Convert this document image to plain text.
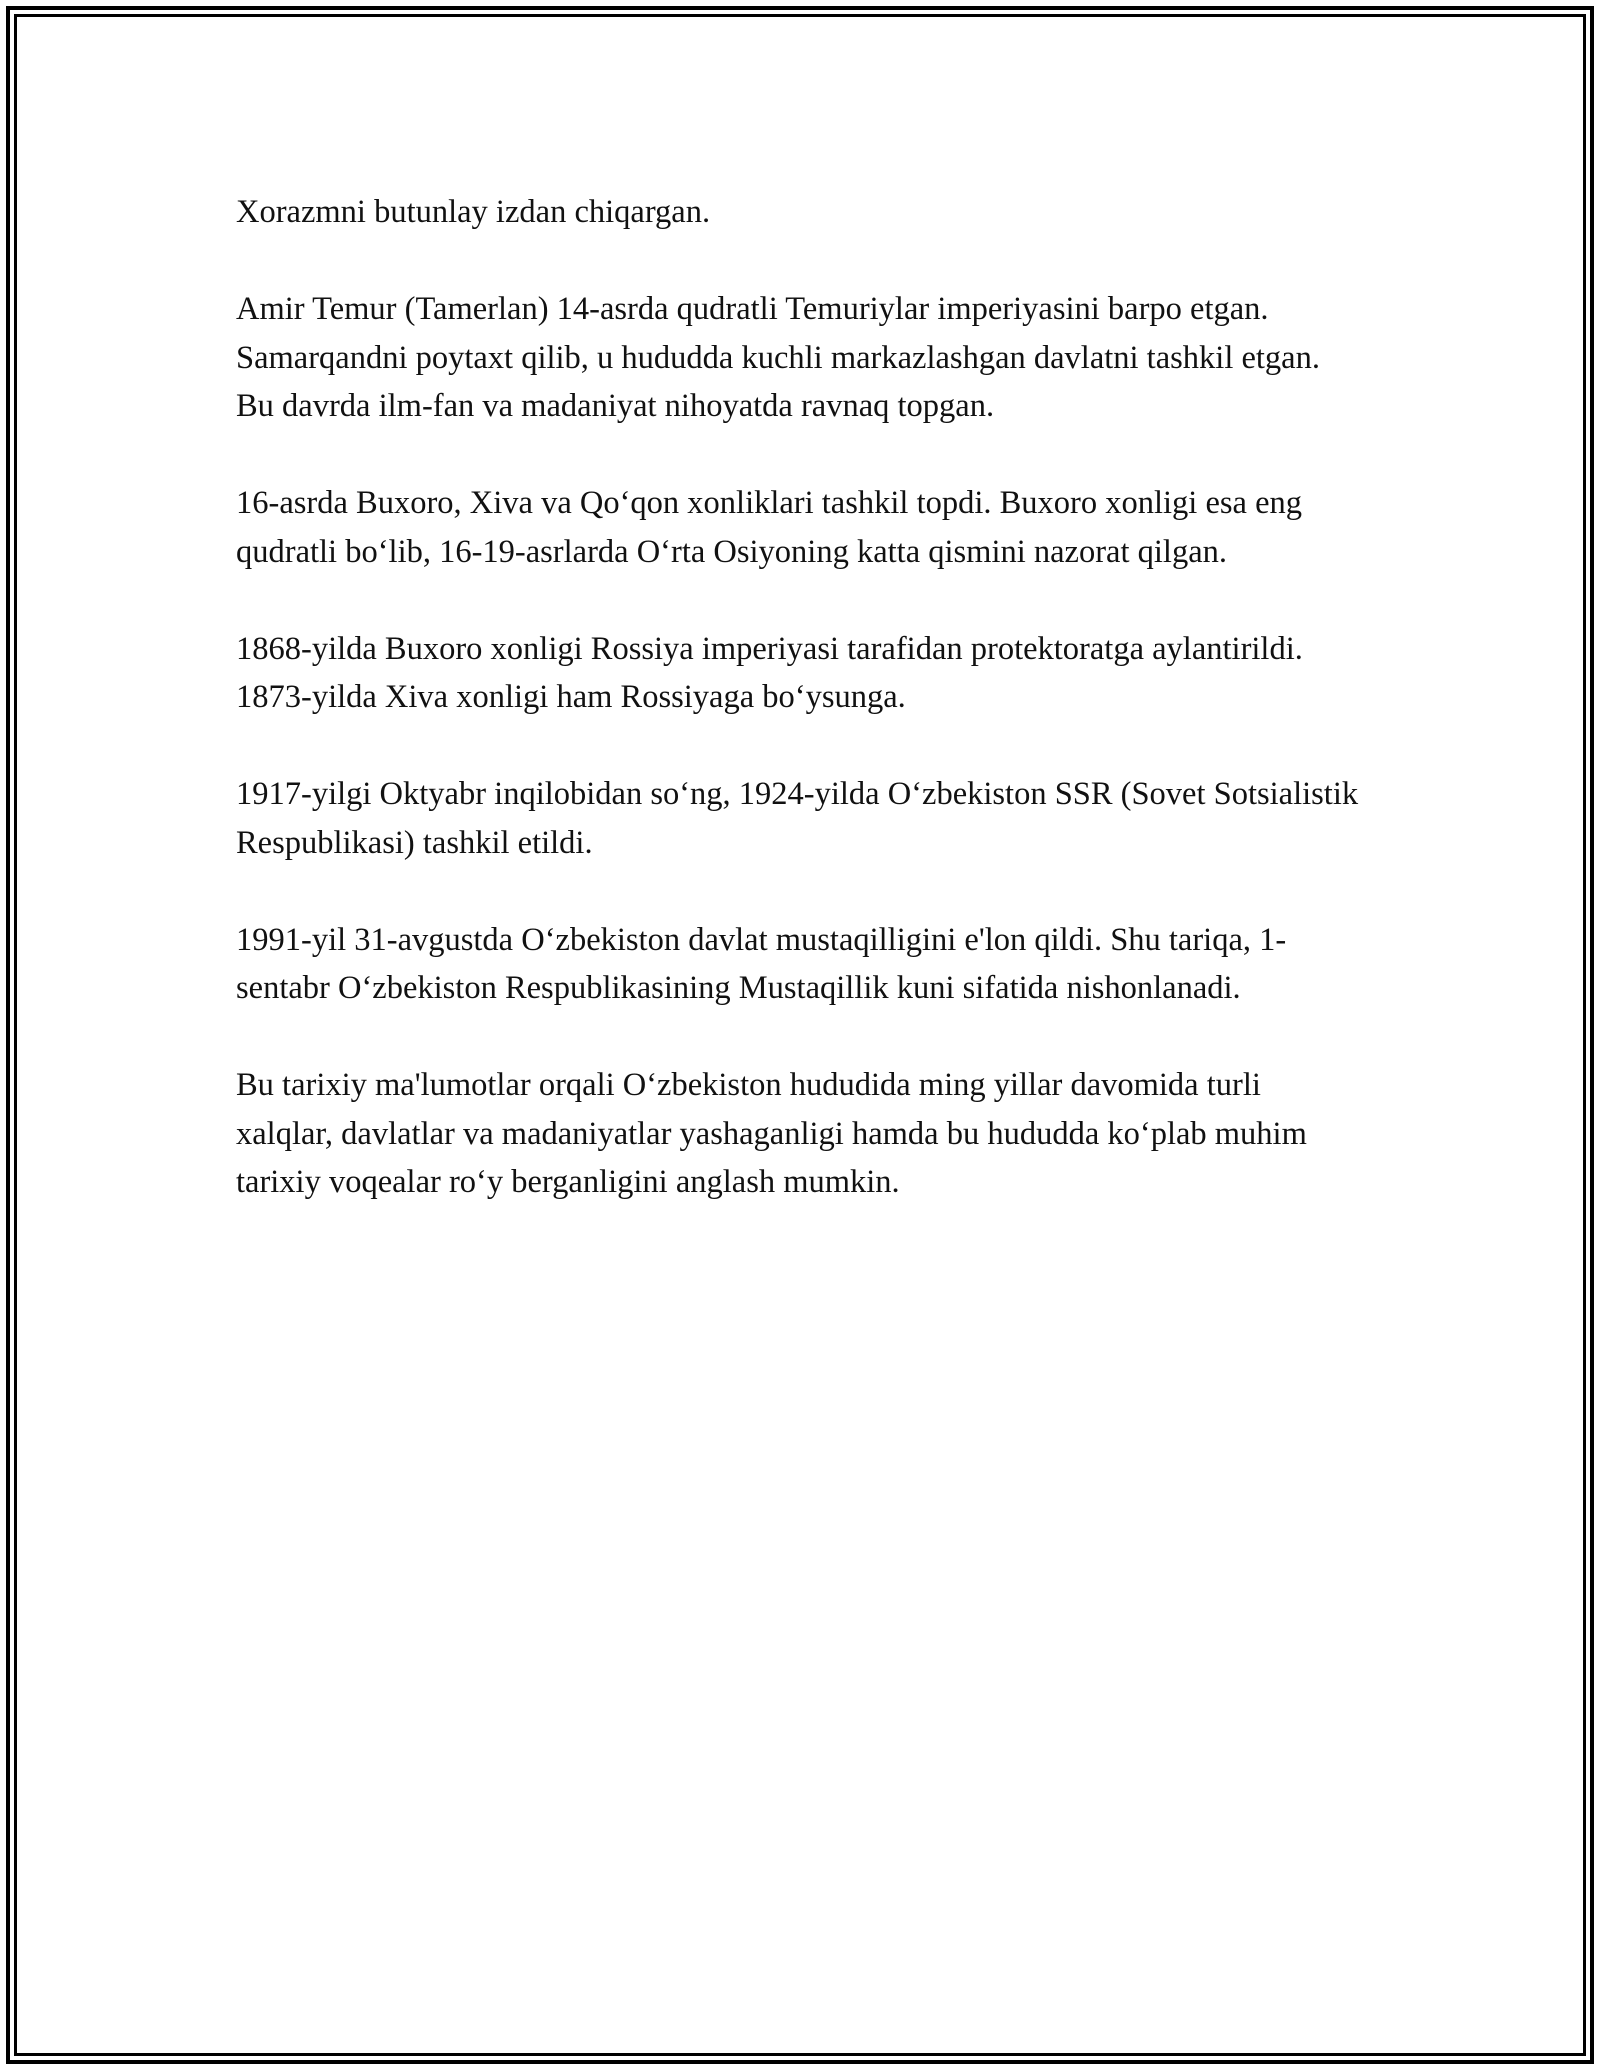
Xorazmni butunlay izdan chiqargan.

Amir Temur (Tamerlan) 14-asrda qudratli Temuriylar imperiyasini barpo etgan. Samarqandni poytaxt qilib, u hududda kuchli markazlashgan davlatni tashkil etgan. Bu davrda ilm-fan va madaniyat nihoyatda ravnaq topgan.

16-asrda Buxoro, Xiva va Qo‘qon xonliklari tashkil topdi. Buxoro xonligi esa eng qudratli bo‘lib, 16-19-asrlarda O‘rta Osiyoning katta qismini nazorat qilgan.

1868-yilda Buxoro xonligi Rossiya imperiyasi tarafidan protektoratga aylantirildi. 1873-yilda Xiva xonligi ham Rossiyaga bo‘ysunga.

1917-yilgi Oktyabr inqilobidan so‘ng, 1924-yilda O‘zbekiston SSR (Sovet Sotsialistik Respublikasi) tashkil etildi.

1991-yil 31-avgustda O‘zbekiston davlat mustaqilligini e'lon qildi. Shu tariqa, 1-sentabr O‘zbekiston Respublikasining Mustaqillik kuni sifatida nishonlanadi.

Bu tarixiy ma'lumotlar orqali O‘zbekiston hududida ming yillar davomida turli xalqlar, davlatlar va madaniyatlar yashaganligi hamda bu hududda ko‘plab muhim tarixiy voqealar ro‘y berganligini anglash mumkin.
